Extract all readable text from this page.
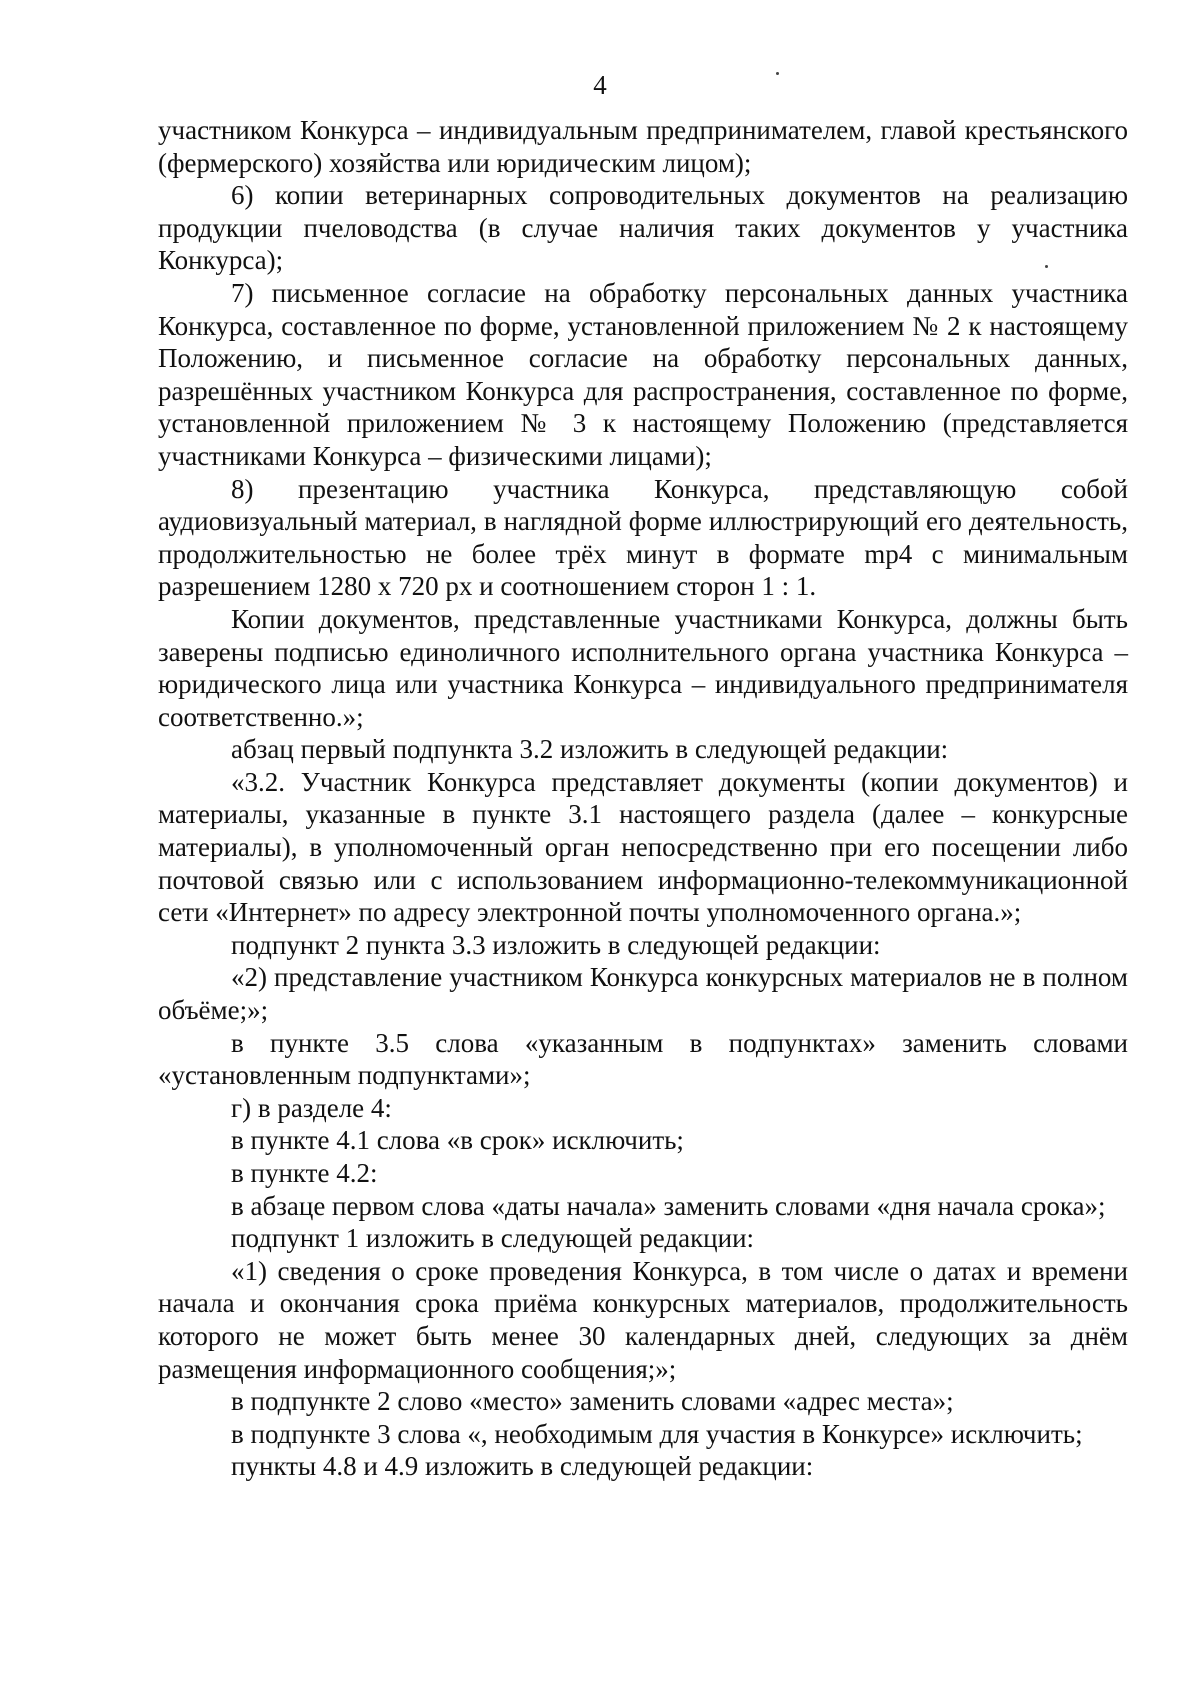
4

участником Конкурса – индивидуальным предпринимателем, главой крестьянского (фермерского) хозяйства или юридическим лицом);

6) копии ветеринарных сопроводительных документов на реализацию продукции пчеловодства (в случае наличия таких документов у участника Конкурса);

7) письменное согласие на обработку персональных данных участника Конкурса, составленное по форме, установленной приложением № 2 к настоящему Положению, и письменное согласие на обработку персональных данных, разрешённых участником Конкурса для распространения, составленное по форме, установленной приложением № 3 к настоящему Положению (представляется участниками Конкурса – физическими лицами);

8) презентацию участника Конкурса, представляющую собой аудиовизуальный материал, в наглядной форме иллюстрирующий его деятельность, продолжительностью не более трёх минут в формате mp4 с минимальным разрешением 1280 х 720 px и соотношением сторон 1 : 1.

Копии документов, представленные участниками Конкурса, должны быть заверены подписью единоличного исполнительного органа участника Конкурса – юридического лица или участника Конкурса – индивидуального предпринимателя соответственно.»;

абзац первый подпункта 3.2 изложить в следующей редакции:

«3.2. Участник Конкурса представляет документы (копии документов) и материалы, указанные в пункте 3.1 настоящего раздела (далее – конкурсные материалы), в уполномоченный орган непосредственно при его посещении либо почтовой связью или с использованием информационно-телекоммуникационной сети «Интернет» по адресу электронной почты уполномоченного органа.»;

подпункт 2 пункта 3.3 изложить в следующей редакции:

«2) представление участником Конкурса конкурсных материалов не в полном объёме;»;

в пункте 3.5 слова «указанным в подпунктах» заменить словами «установленным подпунктами»;

г) в разделе 4:

в пункте 4.1 слова «в срок» исключить;

в пункте 4.2:

в абзаце первом слова «даты начала» заменить словами «дня начала срока»;

подпункт 1 изложить в следующей редакции:

«1) сведения о сроке проведения Конкурса, в том числе о датах и времени начала и окончания срока приёма конкурсных материалов, продолжительность которого не может быть менее 30 календарных дней, следующих за днём размещения информационного сообщения;»;

в подпункте 2 слово «место» заменить словами «адрес места»;

в подпункте 3 слова «, необходимым для участия в Конкурсе» исключить;

пункты 4.8 и 4.9 изложить в следующей редакции:
